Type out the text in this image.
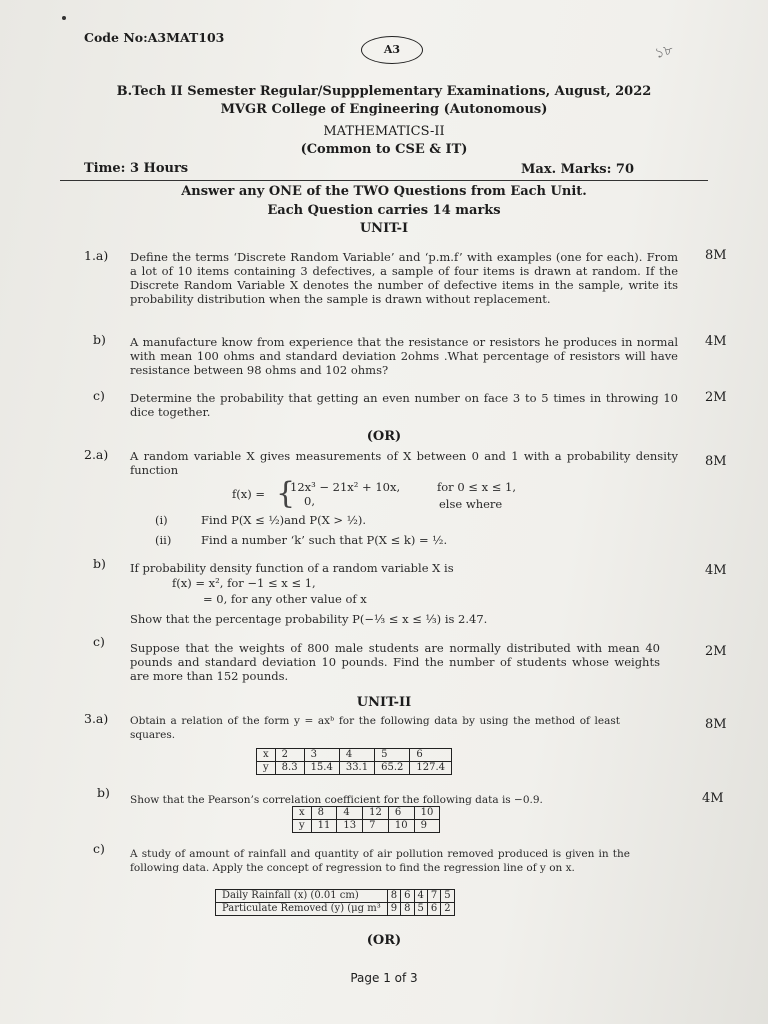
Code No:A3MAT103
A3	১৮
B.Tech II Semester Regular/Suppplementary Examinations, August, 2022
MVGR College of Engineering (Autonomous)
MATHEMATICS-II
(Common to CSE & IT)
Time: 3 Hours	Max. Marks: 70
Answer any ONE of the TWO Questions from Each Unit.
Each Question carries 14 marks
UNIT-I
1.a) Define the terms ‘Discrete Random Variable’ and ‘p.m.f’ with examples (one for each). From a lot of 10 items containing 3 defectives, a sample of four items is drawn at random. If the Discrete Random Variable X denotes the number of defective items in the sample, write its probability distribution when the sample is drawn without replacement.
8M
b) A manufacture know from experience that the resistance or resistors he produces in normal with mean 100 ohms and standard deviation 2ohms .What percentage of resistors will have resistance between 98 ohms and 102 ohms?
4M
c) Determine the probability that getting an even number on face 3 to 5 times in throwing 10 dice together.
2M
(OR)
2.a) A random variable X gives measurements of X between 0 and 1 with a probability density function
8M
f(x) = {
12x³ − 21x² + 10x,	for 0 ≤ x ≤ 1,
0,	else where
(i)	Find P(X ≤ ½)and P(X > ½).
(ii)	Find a number ‘k’ such that P(X ≤ k) = ½.
b) If probability density function of a random variable X is
f(x) = x², for −1 ≤ x ≤ 1,
= 0, for any other value of x
Show that the percentage probability P(−⅓ ≤ x ≤ ⅓) is 2.47.
4M
c) Suppose that the weights of 800 male students are normally distributed with mean 40 pounds and standard deviation 10 pounds. Find the number of students whose weights are more than 152 pounds.
2M
UNIT-II
3.a) Obtain a relation of the form y = axᵇ for the following data by using the method of least squares.
8M
x	2	3	4	5	6
y	8.3	15.4	33.1	65.2	127.4
b) Show that the Pearson’s correlation coefficient for the following data is −0.9.	4M
x	8	4	12	6	10
y	11	13	7	10	9
c) A study of amount of rainfall and quantity of air pollution removed produced is given in the following data. Apply the concept of regression to find the regression line of y on x.
Daily Rainfall (x) (0.01 cm)	8	6	4	7	5
Particulate Removed (y) (μg m³	9	8	5	6	2
(OR)
Page 1 of 3
